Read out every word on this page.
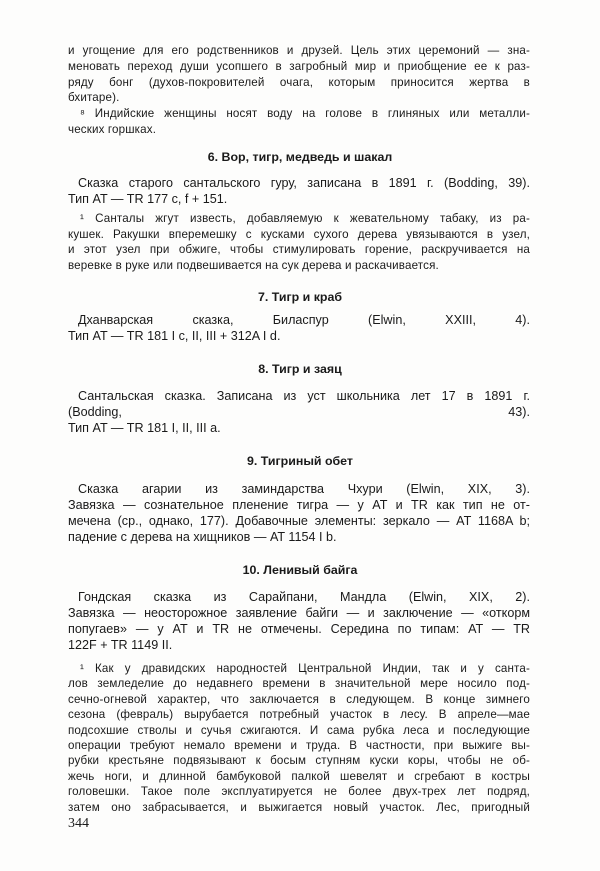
344
и угощение для его родственников и друзей. Цель этих церемоний — зна-
меновать переход души усопшего в загробный мир и приобщение ее к раз-
ряду бонг (духов-покровителей очага, которым приносится жертва в
бхитаре).
⁸ Индийские женщины носят воду на голове в глиняных или металли-
ческих горшках.
6. Вор, тигр, медведь и шакал
Сказка старого сантальского гуру, записана в 1891 г. (Bodding, 39).
Тип AT — TR 177 c, f + 151.
¹ Санталы жгут известь, добавляемую к жевательному табаку, из ра-
кушек. Ракушки вперемешку с кусками сухого дерева увязываются в узел,
и этот узел при обжиге, чтобы стимулировать горение, раскручивается на
веревке в руке или подвешивается на сук дерева и раскачивается.
7. Тигр и краб
Дханварская сказка, Биласпур (Elwin, XXIII, 4).
Тип AT — TR 181 I c, II, III + 312A I d.
8. Тигр и заяц
Сантальская сказка. Записана из уст школьника лет 17 в 1891 г.
(Bodding, 43).
Тип AT — TR 181 I, II, III a.
9. Тигриный обет
Сказка агарии из заминдарства Чхури (Elwin, XIX, 3).
Завязка — сознательное пленение тигра — у AT и TR как тип не от-
мечена (ср., однако, 177). Добавочные элементы: зеркало — AT 1168A b;
падение с дерева на хищников — AT 1154 I b.
10. Ленивый байга
Гондская сказка из Сарайпани, Мандла (Elwin, XIX, 2).
Завязка — неосторожное заявление байги — и заключение — «откорм
попугаев» — у AT и TR не отмечены. Середина по типам: AT — TR
122F + TR 1149 II.
¹ Как у дравидских народностей Центральной Индии, так и у санта-
лов земледелие до недавнего времени в значительной мере носило под-
сечно-огневой характер, что заключается в следующем. В конце зимнего
сезона (февраль) вырубается потребный участок в лесу. В апреле—мае
подсохшие стволы и сучья сжигаются. И сама рубка леса и последующие
операции требуют немало времени и труда. В частности, при выжиге вы-
рубки крестьяне подвязывают к босым ступням куски коры, чтобы не об-
жечь ноги, и длинной бамбуковой палкой шевелят и сгребают в костры
головешки. Такое поле эксплуатируется не более двух-трех лет подряд,
затем оно забрасывается, и выжигается новый участок. Лес, пригодный
